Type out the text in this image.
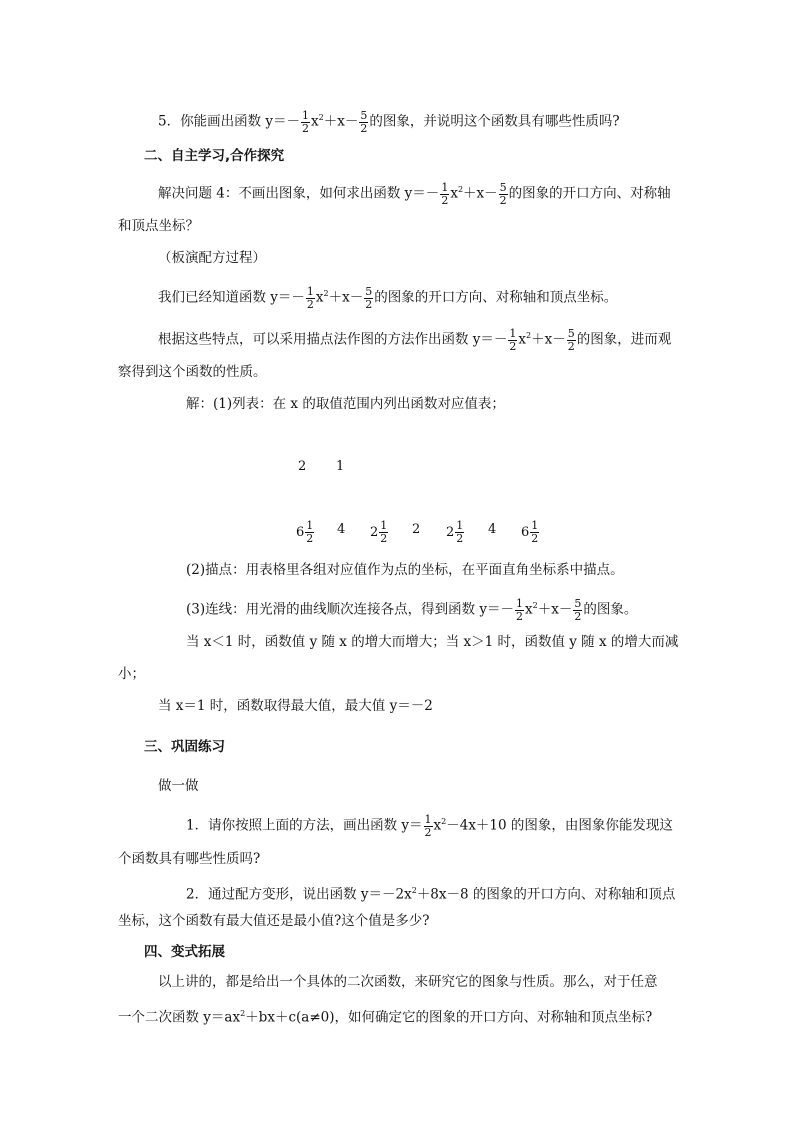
5．你能画出函数 $y=- \frac{1}{2} x^2+x- \frac{5}{2}$ 的图象，并说明这个函数具有哪些性质吗?
二、自主学习,合作探究
解决问题 4：不画出图象，如何求出函数 $y=- \frac{1}{2} x^2+x- \frac{5}{2}$ 的图象的开口方向、对称轴
和顶点坐标？
（板演配方过程）
我们已经知道函数 $y=- \frac{1}{2} x^2+x- \frac{5}{2}$ 的图象的开口方向、对称轴和顶点坐标。
根据这些特点，可以采用描点法作图的方法作出函数 $y=- \frac{1}{2} x^2+x- \frac{5}{2}$ 的图象，进而观
察得到这个函数的性质。
解：(1)列表：在 x 的取值范围内列出函数对应值表；
2 1
$6 \frac{1}{2} 4$ $2 \frac{1}{2} 2$ $2 \frac{1}{2} 4$ $6 \frac{1}{2}$
(2)描点：用表格里各组对应值作为点的坐标，在平面直角坐标系中描点。
(3)连线：用光滑的曲线顺次连接各点，得到函数 $y=- \frac{1}{2} x^2+x- \frac{5}{2}$ 的图象。
当 x＜1 时，函数值 y 随 x 的增大而增大；当 x＞1 时，函数值 y 随 x 的增大而减
小；
当 x＝1 时，函数取得最大值，最大值 y＝－2
三、巩固练习
做一做
1．请你按照上面的方法，画出函数 $y= \frac{1}{2} x^2-4x+10$ 的图象，由图象你能发现这
个函数具有哪些性质吗?
2．通过配方变形，说出函数 $y=-2x^2+8x-8$ 的图象的开口方向、对称轴和顶点
坐标，这个函数有最大值还是最小值?这个值是多少?
四、变式拓展
以上讲的，都是给出一个具体的二次函数，来研究它的图象与性质。那么，对于任意
一个二次函数 $y=ax^2+bx+c(a\ne 0)$，如何确定它的图象的开口方向、对称轴和顶点坐标?
